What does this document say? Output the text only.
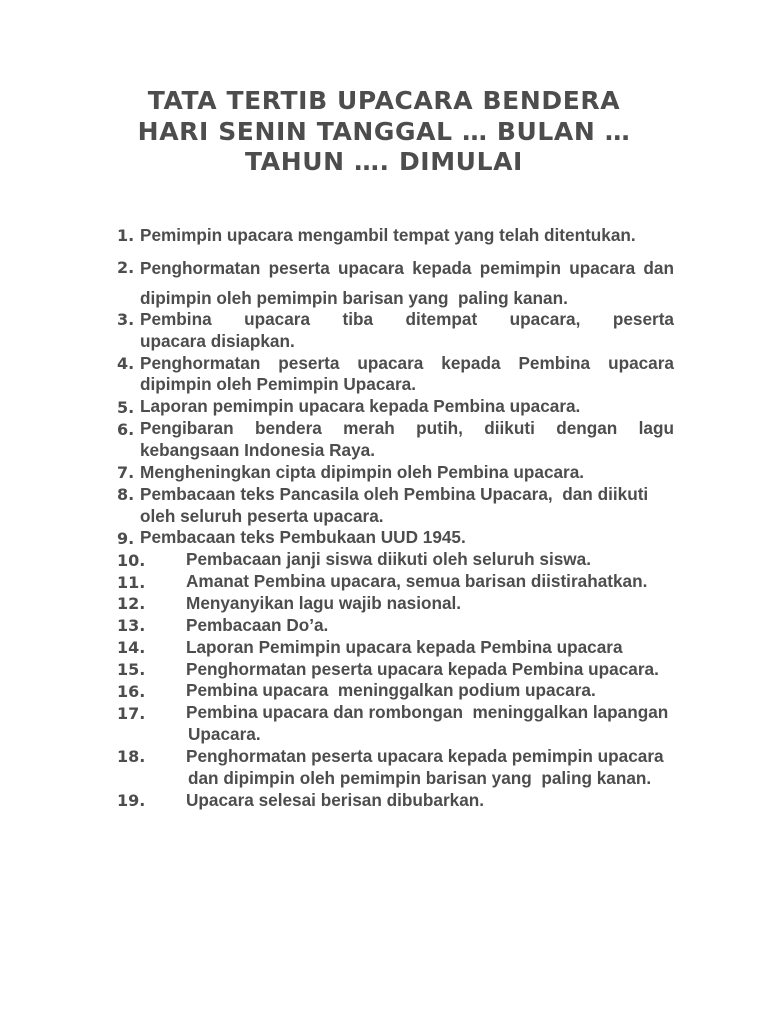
TATA TERTIB UPACARA BENDERA
HARI SENIN TANGGAL … BULAN …
TAHUN …. DIMULAI
1. Pemimpin upacara mengambil tempat yang telah ditentukan.
2. Penghormatan peserta upacara kepada pemimpin upacara dan
dipimpin oleh pemimpin barisan yang  paling kanan.
3. Pembina upacara tiba ditempat upacara, peserta
upacara disiapkan.
4. Penghormatan peserta upacara kepada Pembina upacara
dipimpin oleh Pemimpin Upacara.
5. Laporan pemimpin upacara kepada Pembina upacara.
6. Pengibaran bendera merah putih, diikuti dengan lagu
kebangsaan Indonesia Raya.
7. Mengheningkan cipta dipimpin oleh Pembina upacara.
8. Pembacaan teks Pancasila oleh Pembina Upacara,  dan diikuti
oleh seluruh peserta upacara.
9. Pembacaan teks Pembukaan UUD 1945.
10.	Pembacaan janji siswa diikuti oleh seluruh siswa.
11.	Amanat Pembina upacara, semua barisan diistirahatkan.
12.	Menyanyikan lagu wajib nasional.
13.	Pembacaan Do’a.
14.	Laporan Pemimpin upacara kepada Pembina upacara
15.	Penghormatan peserta upacara kepada Pembina upacara.
16.	Pembina upacara  meninggalkan podium upacara.
17.	Pembina upacara dan rombongan  meninggalkan lapangan
Upacara.
18.	Penghormatan peserta upacara kepada pemimpin upacara
dan dipimpin oleh pemimpin barisan yang  paling kanan.
19.	Upacara selesai berisan dibubarkan.
